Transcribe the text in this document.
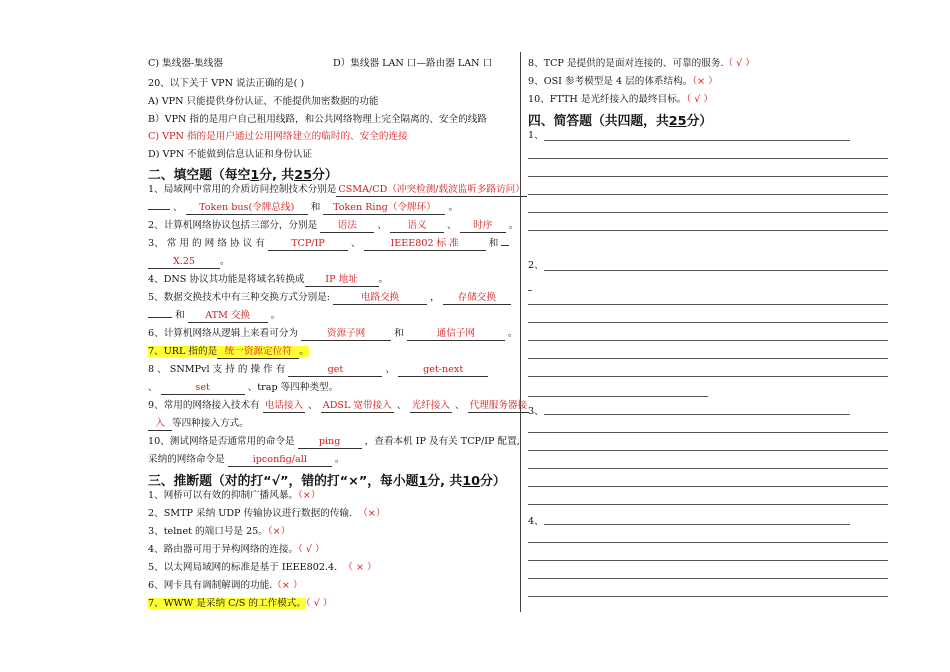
C) 集线器-集线器	D）集线器 LAN 口—路由器 LAN 口
20、以下关于 VPN 说法正确的是( )
A) VPN 只能提供身份认证、不能提供加密数据的功能
B）VPN 指的是用户自己租用线路，和公共网络物理上完全隔离的、安全的线路
C) VPN 指的是用户通过公用网络建立的临时的、安全的连接
D) VPN 不能做到信息认证和身份认证
二、填空题（每空1分, 共25分）
1、局域网中常用的介质访问控制技术分别是 CSMA/CD（冲突检测/载波监听多路访问）
、 Token bus(令牌总线) 和 Token Ring（令牌环） 。
2、计算机网络协议包括三部分，分别是 语法 、 语义 、 时序 。
3、 常 用 的 网 络 协 议 有	TCP/IP	、	IEEE802 标 准	和
X.25	。
4、DNS 协议其功能是将域名转换成 IP 地址 。
5、数据交换技术中有三种交换方式分别是:	电路交换	， 存储交换
和 ATM 交换 。
6、计算机网络从逻辑上来看可分为	资源子网	和	通信子网	。
7、URL 指的是 统一资源定位符 。
8 、 SNMPvl 支 持 的 操 作 有	get	、	get-next
、	set	、trap 等四种类型。
9、常用的网络接入技术有 电话接入 、 ADSL 宽带接入 、 光纤接入 、 代理服务器接
入 等四种接入方式。
10、测试网络是否通常用的命令是	ping	，查看本机 IP 及有关 TCP/IP 配置,
采纳的网络命令是	ipconfig/all	。
三、推断题（对的打“√”，错的打“×”，每小题1分, 共10分）
1、网桥可以有效的抑制广播风暴。（×）
2、SMTP 采纳 UDP 传输协议进行数据的传输. （×）
3、telnet 的端口号是 25。（×）
4、路由器可用于异构网络的连接。（ √ ）
5、以太网局域网的标准是基于 IEEE802.4. （ × ）
6、网卡具有调制解调的功能.（× ）
7、WWW 是采纳 C/S 的工作模式。（ √ ）
8、TCP 是提供的是面对连接的、可靠的服务.（ √ ）
9、OSI 参考模型是 4 层的体系结构。（× ）
10、FTTH 是光纤接入的最终目标。（ √ ）
四、简答题（共四题，共25分）
1、
2、
3、
4、
